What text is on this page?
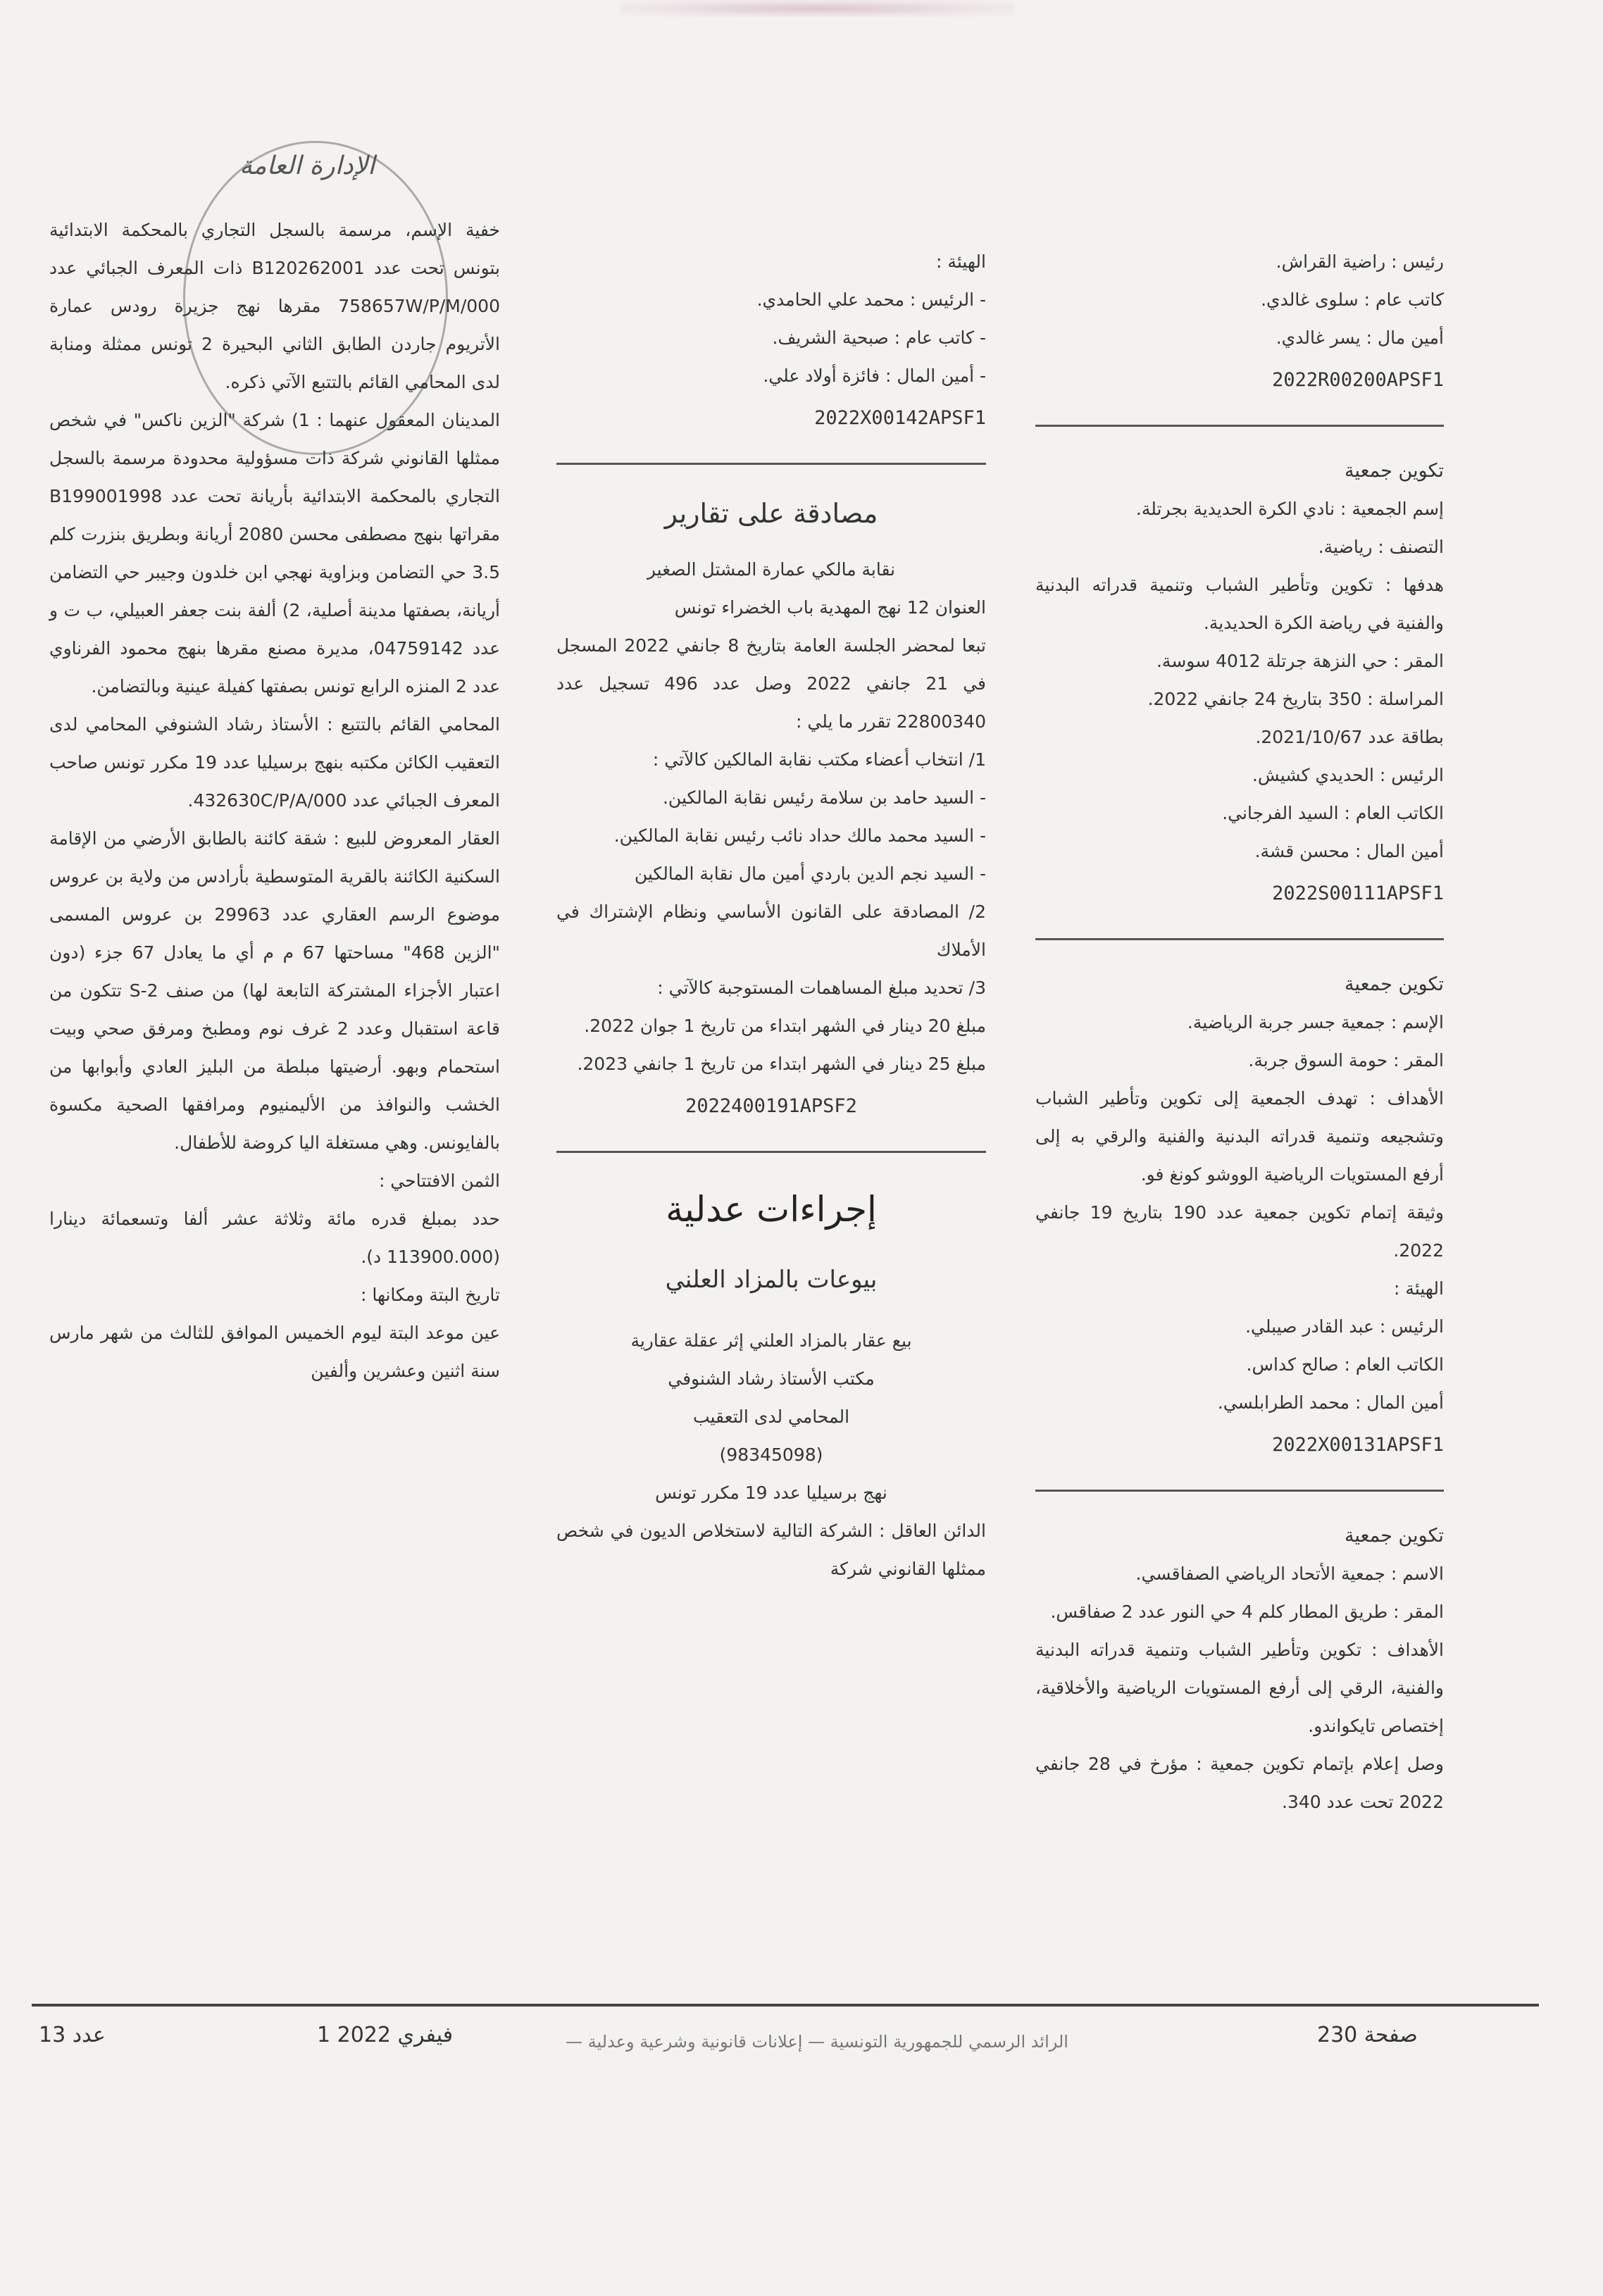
رئيس : راضية القراش.

كاتب عام : سلوى غالدي.

أمين مال : يسر غالدي.

2022R00200APSF1

تكوين جمعية

إسم الجمعية : نادي الكرة الحديدية بجرتلة.

التصنف : رياضية.

هدفها : تكوين وتأطير الشباب وتنمية قدراته البدنية والفنية في رياضة الكرة الحديدية.

المقر : حي النزهة جرتلة 4012 سوسة.

المراسلة : 350 بتاريخ 24 جانفي 2022.

بطاقة عدد 2021/10/67.

الرئيس : الحديدي كشيش.

الكاتب العام : السيد الفرجاني.

أمين المال : محسن قشة.

2022S00111APSF1

تكوين جمعية

الإسم : جمعية جسر جربة الرياضية.

المقر : حومة السوق جربة.

الأهداف : تهدف الجمعية إلى تكوين وتأطير الشباب وتشجيعه وتنمية قدراته البدنية والفنية والرقي به إلى أرفع المستويات الرياضية الووشو كونغ فو.

وثيقة إتمام تكوين جمعية عدد 190 بتاريخ 19 جانفي 2022.

الهيئة :

الرئيس : عبد القادر صيبلي.

الكاتب العام : صالح كداس.

أمين المال : محمد الطرابلسي.

2022X00131APSF1

تكوين جمعية

الاسم : جمعية الأتحاد الرياضي الصفاقسي.

المقر : طريق المطار كلم 4 حي النور عدد 2 صفاقس.

الأهداف : تكوين وتأطير الشباب وتنمية قدراته البدنية والفنية، الرقي إلى أرفع المستويات الرياضية والأخلاقية، إختصاص تايكواندو.

وصل إعلام بإتمام تكوين جمعية : مؤرخ في 28 جانفي 2022 تحت عدد 340.

الهيئة :

- الرئيس : محمد علي الحامدي.

- كاتب عام : صبحية الشريف.

- أمين المال : فائزة أولاد علي.

2022X00142APSF1

مصادقة على تقارير

نقابة مالكي عمارة المشتل الصغير

العنوان 12 نهج المهدية باب الخضراء تونس

تبعا لمحضر الجلسة العامة بتاريخ 8 جانفي 2022 المسجل في 21 جانفي 2022 وصل عدد 496 تسجيل عدد 22800340 تقرر ما يلي :

1/ انتخاب أعضاء مكتب نقابة المالكين كالآتي :

- السيد حامد بن سلامة رئيس نقابة المالكين.

- السيد محمد مالك حداد نائب رئيس نقابة المالكين.

- السيد نجم الدين باردي أمين مال نقابة المالكين

2/ المصادقة على القانون الأساسي ونظام الإشتراك في الأملاك

3/ تحديد مبلغ المساهمات المستوجبة كالآتي :

مبلغ 20 دينار في الشهر ابتداء من تاريخ 1 جوان 2022.

مبلغ 25 دينار في الشهر ابتداء من تاريخ 1 جانفي 2023.

2022400191APSF2

إجراءات عدلية

بيوعات بالمزاد العلني

بيع عقار بالمزاد العلني إثر عقلة عقارية

مكتب الأستاذ رشاد الشنوفي

المحامي لدى التعقيب

(98345098)

نهج برسيليا عدد 19 مكرر تونس

الدائن العاقل : الشركة التالية لاستخلاص الديون في شخص ممثلها القانوني شركة

الإدارة العامة

خفية الإسم، مرسمة بالسجل التجاري بالمحكمة الابتدائية بتونس تحت عدد B120262001 ذات المعرف الجبائي عدد 758657W/P/M/000 مقرها نهج جزيرة رودس عمارة الأتريوم جاردن الطابق الثاني البحيرة 2 تونس ممثلة ومنابة لدى المحامي القائم بالتتبع الآتي ذكره.

المدينان المعقول عنهما : 1) شركة "الزين ناكس" في شخص ممثلها القانوني شركة ذات مسؤولية محدودة مرسمة بالسجل التجاري بالمحكمة الابتدائية بأريانة تحت عدد B199001998 مقراتها بنهج مصطفى محسن 2080 أريانة وبطريق بنزرت كلم 3.5 حي التضامن وبزاوية نهجي ابن خلدون وجيبر حي التضامن أريانة، بصفتها مدينة أصلية، 2) ألفة بنت جعفر العبيلي، ب ت و عدد 04759142، مديرة مصنع مقرها بنهج محمود الفرناوي عدد 2 المنزه الرابع تونس بصفتها كفيلة عينية وبالتضامن.

المحامي القائم بالتتبع : الأستاذ رشاد الشنوفي المحامي لدى التعقيب الكائن مكتبه بنهج برسيليا عدد 19 مكرر تونس صاحب المعرف الجبائي عدد 432630C/P/A/000.

العقار المعروض للبيع : شقة كائنة بالطابق الأرضي من الإقامة السكنية الكائنة بالقرية المتوسطية بأرادس من ولاية بن عروس موضوع الرسم العقاري عدد 29963 بن عروس المسمى "الزين 468" مساحتها 67 م م أي ما يعادل 67 جزء (دون اعتبار الأجزاء المشتركة التابعة لها) من صنف S-2 تتكون من قاعة استقبال وعدد 2 غرف نوم ومطبخ ومرفق صحي وبيت استحمام وبهو. أرضيتها مبلطة من البليز العادي وأبوابها من الخشب والنوافذ من الأليمنيوم ومرافقها الصحية مكسوة بالفايونس. وهي مستغلة اليا كروضة للأطفال.

الثمن الافتتاحي :

حدد بمبلغ قدره مائة وثلاثة عشر ألفا وتسعمائة دينارا (113900.000 د).

تاريخ البتة ومكانها :

عين موعد البتة ليوم الخميس الموافق للثالث من شهر مارس سنة اثنين وعشرين وألفين

عدد 13	1 فيفري 2022	الرائد الرسمي للجمهورية التونسية — إعلانات قانونية وشرعية وعدلية —	صفحة 230
